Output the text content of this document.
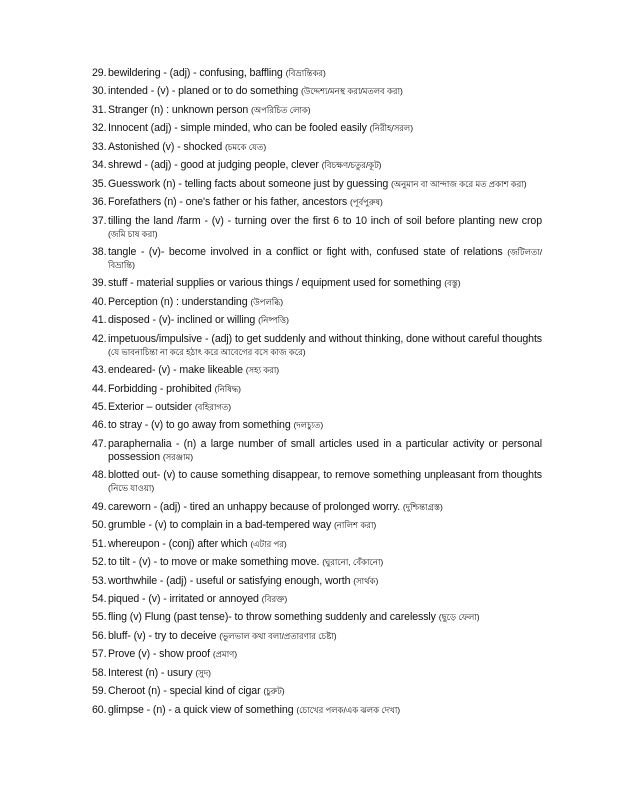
29. bewildering - (adj) - confusing, baffling (বিভ্রান্তিকর)
30. intended - (v) - planed or to do something (উদ্দেশ্য/মনস্থ করা/মতলব করা)
31. Stranger (n) : unknown person (অপরিচিত লোক)
32. Innocent (adj) - simple minded, who can be fooled easily (নিরীহ/সরল)
33. Astonished (v) - shocked (চমকে যেত)
34. shrewd - (adj) - good at judging people, clever (বিচক্ষণ/চতুর/কূট)
35. Guesswork (n) - telling facts about someone just by guessing (অনুমান বা আন্দাজ করে মত প্রকাশ করা)
36. Forefathers (n) - one's father or his father, ancestors (পূর্বপুরুষ)
37. tilling the land /farm - (v) - turning over the first 6 to 10 inch of soil before planting new crop (জমি চাষ করা)
38. tangle - (v)- become involved in a conflict or fight with, confused state of relations (জটিলতা/বিভ্রান্তি)
39. stuff - material supplies or various things / equipment used for something (বস্তু)
40. Perception (n) : understanding (উপলব্ধি)
41. disposed - (v)- inclined or willing (নিষ্পত্তি)
42. impetuous/impulsive - (adj) to get suddenly and without thinking, done without careful thoughts (যে ভাবনাচিন্তা না করে হঠাৎ করে আবেগের বসে কাজ করে)
43. endeared- (v) - make likeable (সহ্য করা)
44. Forbidding - prohibited (নিষিদ্ধ)
45. Exterior – outsider (বহিরাগত)
46. to stray - (v) to go away from something (দলচ্যুত)
47. paraphernalia - (n) a large number of small articles used in a particular activity or personal possession (সরঞ্জাম)
48. blotted out- (v) to cause something disappear, to remove something unpleasant from thoughts (নিভে যাওয়া)
49. careworn - (adj) - tired an unhappy because of prolonged worry. (দুশ্চিন্তাগ্রস্ত)
50. grumble - (v) to complain in a bad-tempered way (নালিশ করা)
51. whereupon - (conj) after which (এটার পর)
52. to tilt - (v) - to move or make something move. (ঘুরানো, বেঁকানো)
53. worthwhile - (adj) - useful or satisfying enough, worth (সার্থক)
54. piqued - (v) - irritated or annoyed (বিরক্ত)
55. fling (v) Flung (past tense)- to throw something suddenly and carelessly (ছুড়ে ফেলা)
56. bluff- (v) - try to deceive (ভুলভাল কথা বলা/প্রতারণার চেষ্টা)
57. Prove (v) - show proof (প্রমাণ)
58. Interest (n) - usury (সুদ)
59. Cheroot (n) - special kind of cigar (চুরুট)
60. glimpse - (n) - a quick view of something (চোখের পলক/এক ঝলক দেখা)
